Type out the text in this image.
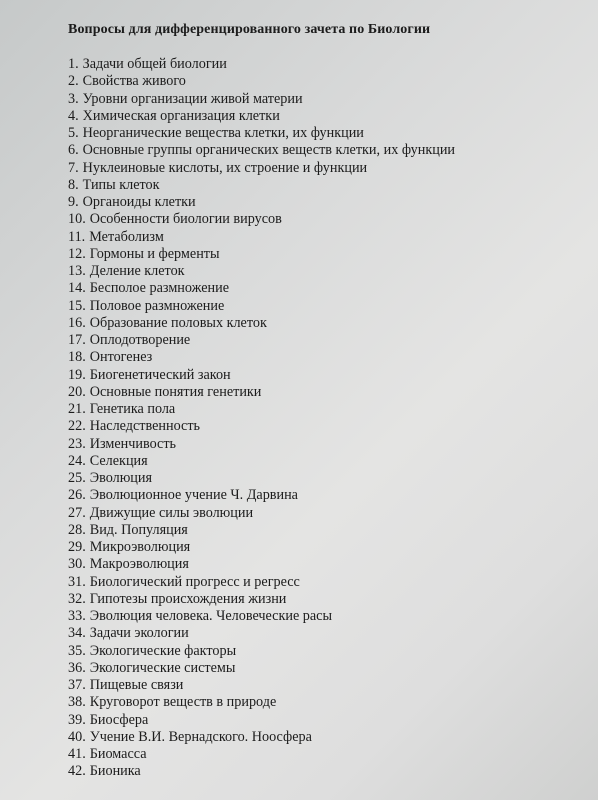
Вопросы для дифференцированного зачета по Биологии
1. Задачи общей биологии
2. Свойства живого
3. Уровни организации живой материи
4. Химическая организация клетки
5. Неорганические вещества клетки, их функции
6. Основные группы органических веществ клетки, их функции
7. Нуклеиновые кислоты, их строение и функции
8. Типы клеток
9. Органоиды клетки
10. Особенности биологии вирусов
11. Метаболизм
12. Гормоны и ферменты
13. Деление клеток
14. Бесполое размножение
15. Половое размножение
16. Образование половых клеток
17. Оплодотворение
18. Онтогенез
19. Биогенетический закон
20. Основные понятия генетики
21. Генетика пола
22. Наследственность
23. Изменчивость
24. Селекция
25. Эволюция
26. Эволюционное учение Ч. Дарвина
27. Движущие силы эволюции
28. Вид. Популяция
29. Микроэволюция
30. Макроэволюция
31. Биологический прогресс и регресс
32. Гипотезы происхождения жизни
33. Эволюция человека. Человеческие расы
34. Задачи экологии
35. Экологические факторы
36. Экологические системы
37. Пищевые связи
38. Круговорот веществ в природе
39. Биосфера
40. Учение В.И. Вернадского. Ноосфера
41. Биомасса
42. Бионика
